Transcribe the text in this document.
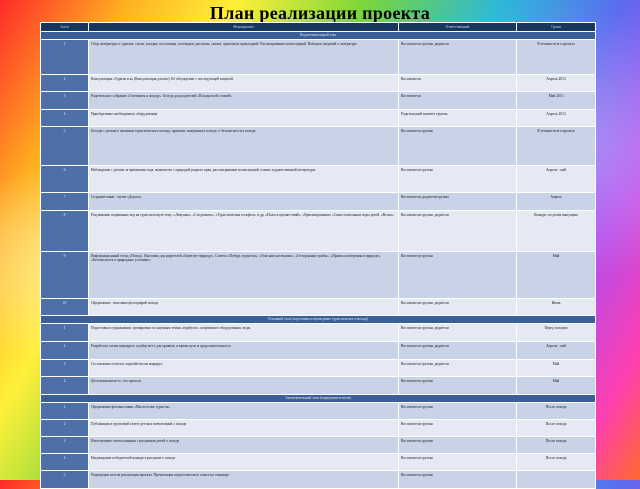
План реализации проекта
№п/п	Мероприятие	Ответственный	Сроки
Подготовительный этап			
1	Сбор литературы о туризме: стихи, загадки, пословицы, поговорки, рассказы, сказки, практикум прикладной. Рассматривание иллюстраций. Выборка сведений о литературе.	Воспитатели группы, родители	В течение всего проекта
2	Консультация «Туризм и я» (Консультация для вас). Её обсуждение с последующей защитой.	Воспитатели	Апрель 2013
3	Родительское собрание «Готовимся к походу». Беседа для родителей «Походы всей семьей»	Воспитатели	Май 2013
4	Приобретение необходимого оборудования	Родительский комитет группы	Апрель 2013
5	Беседы с детьми о значении туристического похода, правилах поведения в походе, о безопасности в походе.	Воспитатели группы	В течение всего проекта
6	Наблюдение с детьми за временами года, знакомство с природой родного края, рассматривание иллюстраций, чтение художественной литературы	Воспитатели группы	Апрель - май
7	Создание мини - музея «Дорога»	Воспитатели, родители группы	Апрель
8	Разучивание подвижных игр на туристическую тему: «Ловушка», «Следопыты», «Туристическая эстафета» и др. «Полоса препятствий», «Ориентирование» «Самостоятельные игры детей. «Весна»	Воспитатели группы, родители	Конкурс по детям выпущена
9	Информационный стенд «Поход». Выставка для родителей «Берегите природу». Советы «Побудь туристом». «Опасные насекомые», «Осторожные грибы». «Правила поведения в природе», «Безопасность в природных условиях»	Воспитатели группы	Май
10	Оформление - выставка фотографий похода	Воспитатели группы, родители	Июнь
Основной этап (подготовка и проведение туристического похода)			
1	Подготовка и упражнения, тренировки: по научным темам, атрибутах, спортивного оборудования, воды	Воспитатели группы, родители	Перед походом
2	Разработка схемы маршрута, подбор мест для привала, и время пути и продолжительности	Воспитатели группы, родители	Апрель - май
3	Составление отчета и ходатайство на маршрут	Воспитатели группы, родители	Май
4	Дети выполнили то, что прошли	Воспитатели группы	Май
Заключительный этап (подведение итогов)			
1	Оформление фотовыставки «Мы веселые туристы»	Воспитатели группы	После похода
2	Публикация в групповой газете детских впечатлений о походе	Воспитатели группы	После похода
3	Изготовление газеты-книжки с рисунками детей о походе	Воспитатели группы	После похода
4	Награждение победителей конкурса рисунков о походе	Воспитатели группы	После похода
5	Подведение итогов реализации проекта. Презентация педагогического опыта на семинаре	Воспитатели группы	
